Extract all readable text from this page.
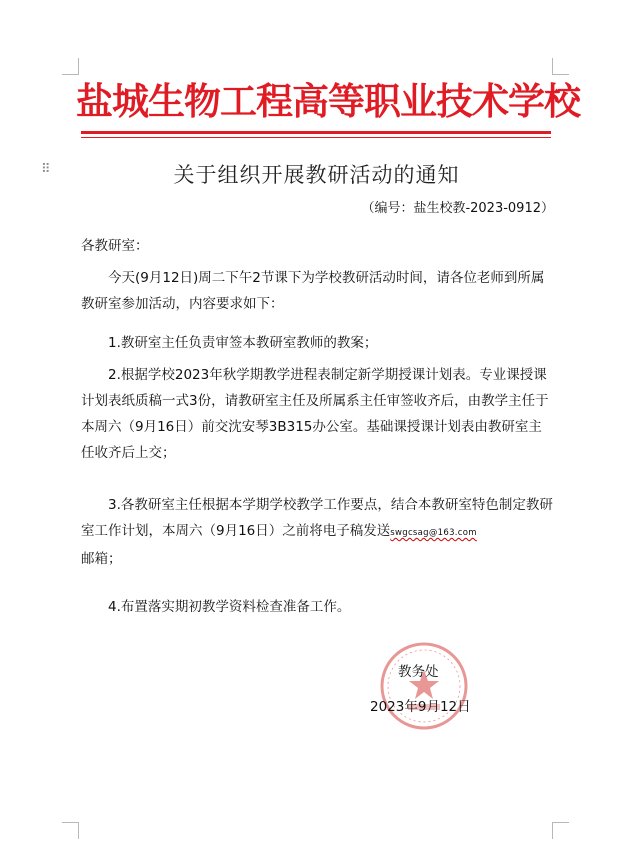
⠿
盐城生物工程高等职业技术学校
关于组织开展教研活动的通知
（编号：盐生校教-2023-0912）
各教研室：
今天(9月12日)周二下午2节课下为学校教研活动时间，请各位老师到所属教研室参加活动，内容要求如下：
1.教研室主任负责审签本教研室教师的教案；
2.根据学校2023年秋学期教学进程表制定新学期授课计划表。专业课授课计划表纸质稿一式3份，请教研室主任及所属系主任审签收齐后，由教学主任于本周六（9月16日）前交沈安琴3B315办公室。基础课授课计划表由教研室主任收齐后上交；
3.各教研室主任根据本学期学校教学工作要点，结合本教研室特色制定教研室工作计划，本周六（9月16日）之前将电子稿发送swgcsag@163.com
邮箱；
4.布置落实期初教学资料检查准备工作。
教务处
2023年9月12日
